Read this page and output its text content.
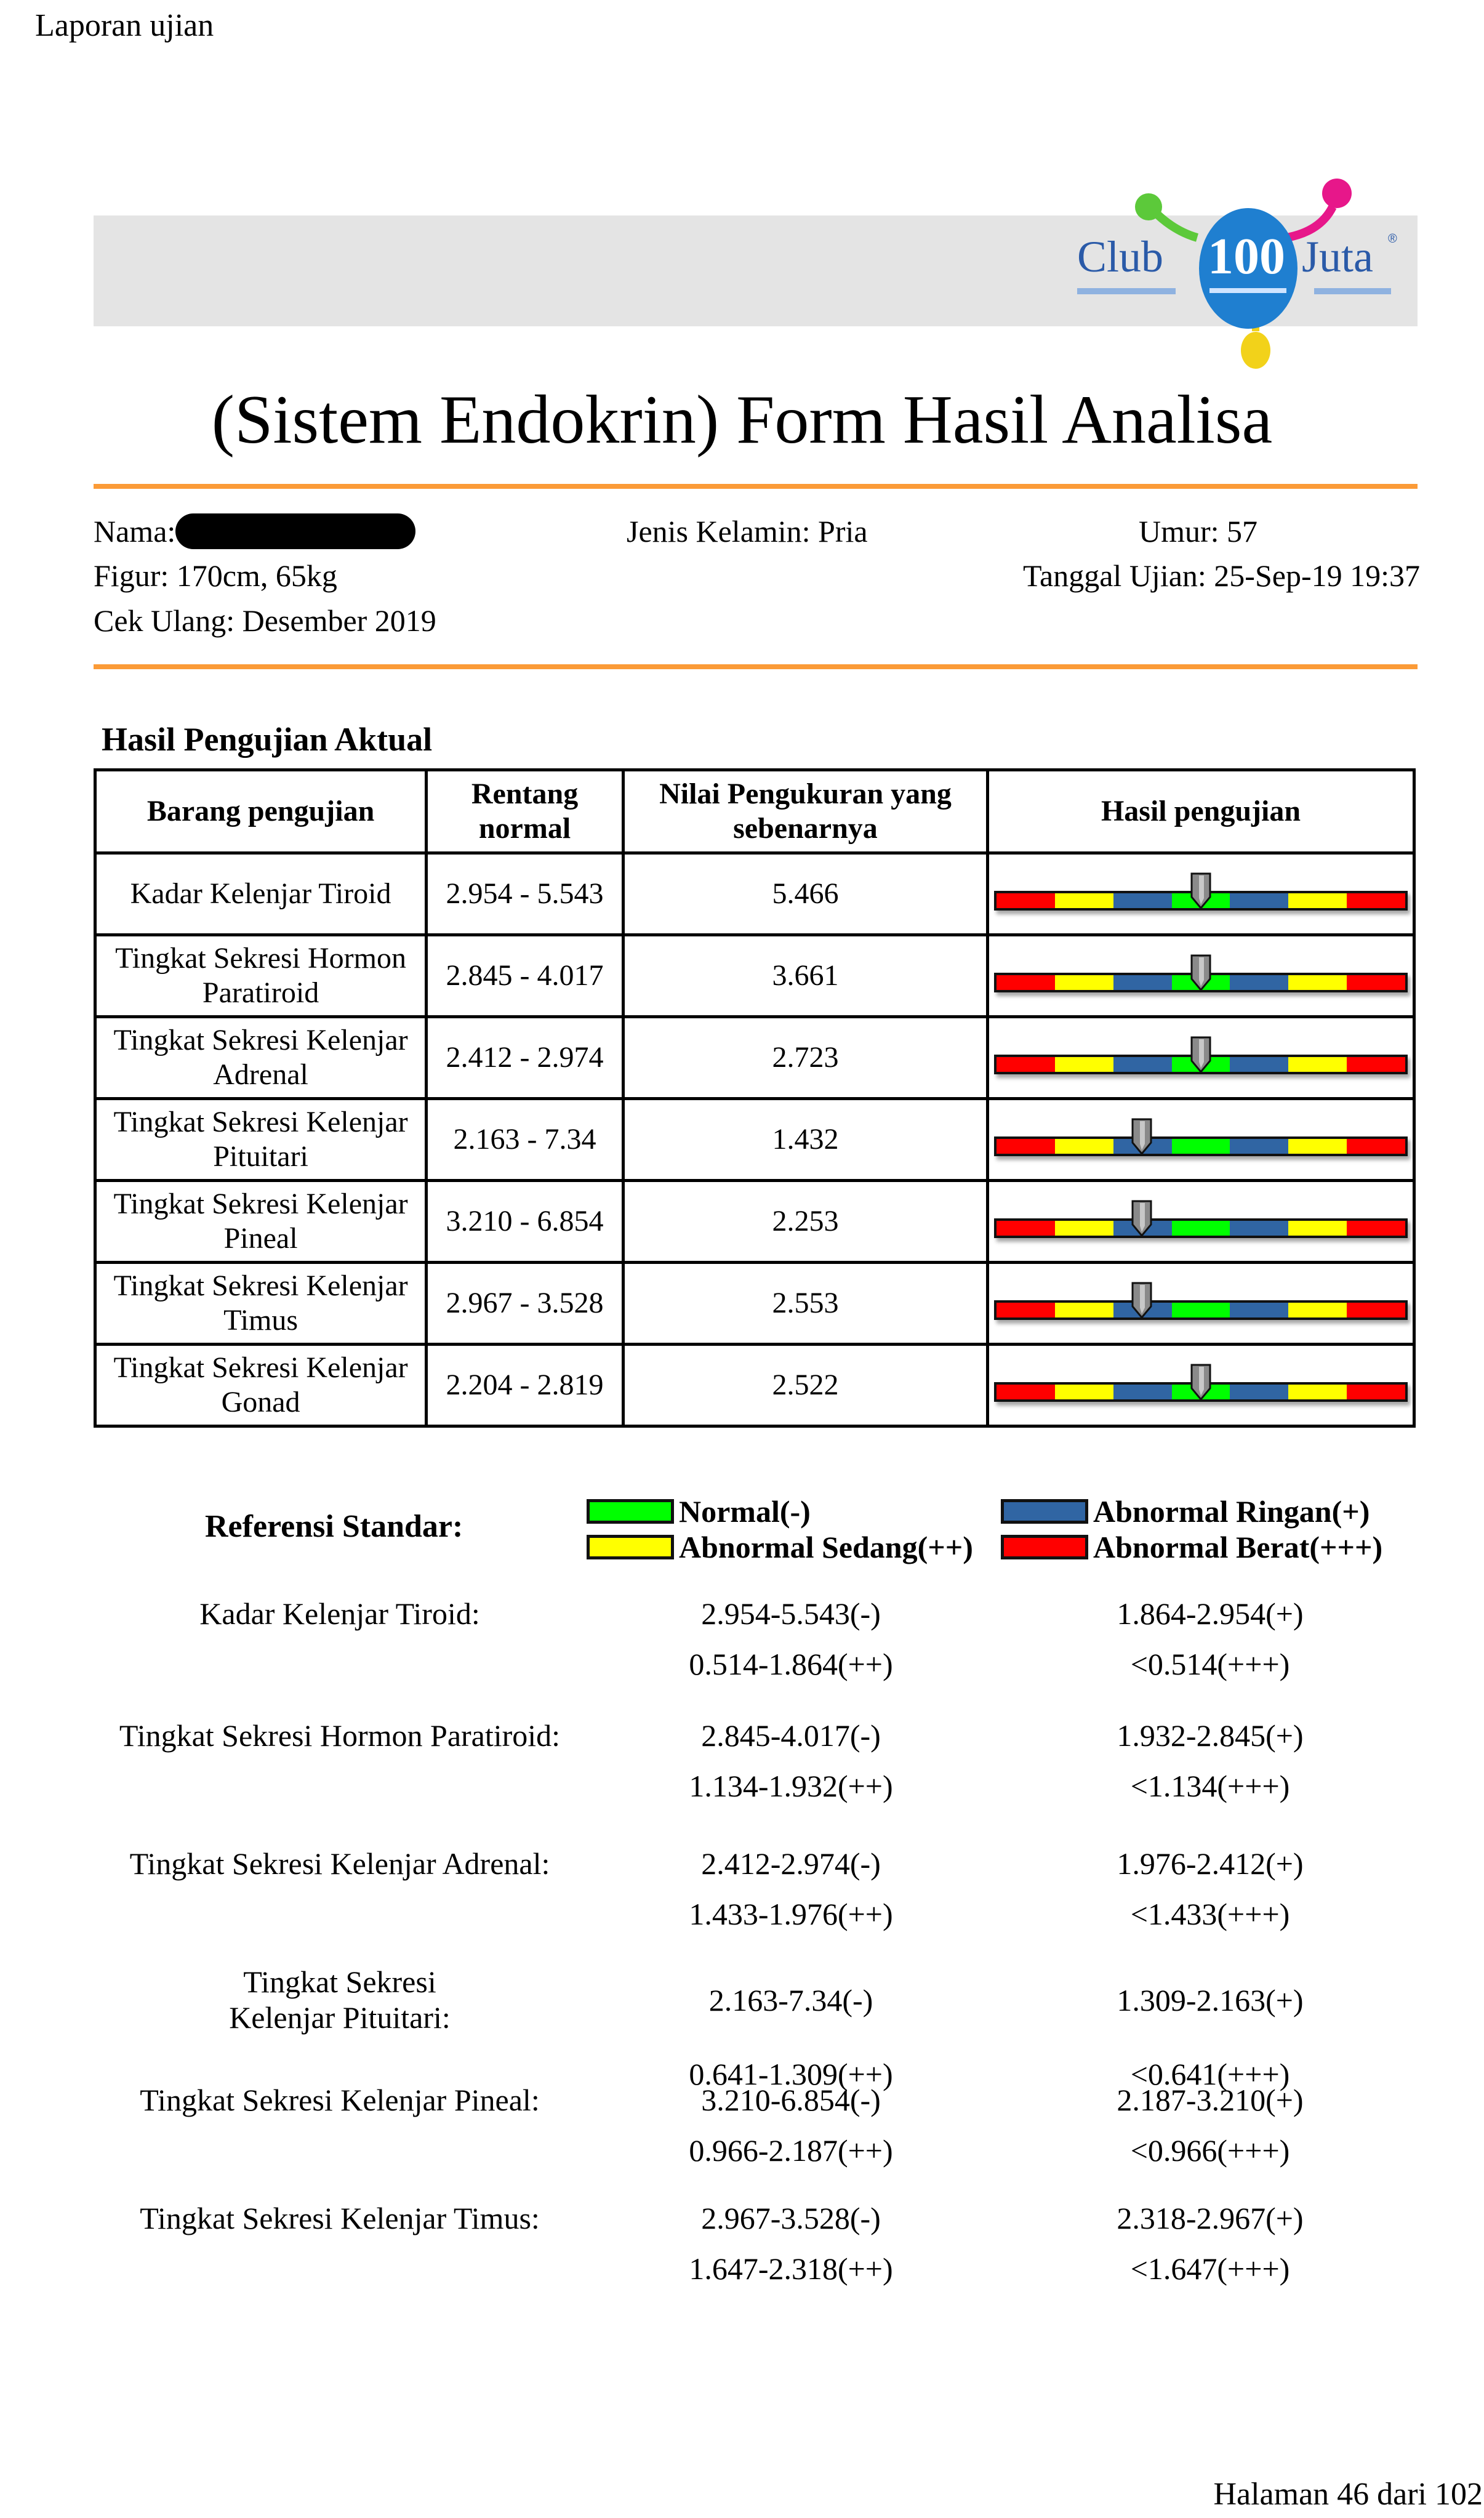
Laporan ujian
Club 100 Juta ®
(Sistem Endokrin) Form Hasil Analisa
Nama:	Jenis Kelamin: Pria	Umur: 57
Figur: 170cm, 65kg	Tanggal Ujian: 25-Sep-19 19:37
Cek Ulang: Desember 2019
Hasil Pengujian Aktual
Barang pengujian	Rentang normal	Nilai Pengukuran yang sebenarnya	Hasil pengujian
Kadar Kelenjar Tiroid	2.954 - 5.543	5.466	

Tingkat Sekresi Hormon Paratiroid	2.845 - 4.017	3.661	

Tingkat Sekresi Kelenjar Adrenal	2.412 - 2.974	2.723	

Tingkat Sekresi Kelenjar Pituitari	2.163 - 7.34	1.432	

Tingkat Sekresi Kelenjar Pineal	3.210 - 6.854	2.253	

Tingkat Sekresi Kelenjar Timus	2.967 - 3.528	2.553	

Tingkat Sekresi Kelenjar Gonad	2.204 - 2.819	2.522	
Referensi Standar:	Normal(-)	Abnormal Ringan(+)
Abnormal Sedang(++)	Abnormal Berat(+++)
Kadar Kelenjar Tiroid:	2.954-5.543(-)	1.864-2.954(+)
0.514-1.864(++)	<0.514(+++)
Tingkat Sekresi Hormon Paratiroid:	2.845-4.017(-)	1.932-2.845(+)
1.134-1.932(++)	<1.134(+++)
Tingkat Sekresi Kelenjar Adrenal:	2.412-2.974(-)	1.976-2.412(+)
1.433-1.976(++)	<1.433(+++)
Tingkat Sekresi Kelenjar Pituitari:	2.163-7.34(-)	1.309-2.163(+)
0.641-1.309(++)	<0.641(+++)
Tingkat Sekresi Kelenjar Pineal:	3.210-6.854(-)	2.187-3.210(+)
0.966-2.187(++)	<0.966(+++)
Tingkat Sekresi Kelenjar Timus:	2.967-3.528(-)	2.318-2.967(+)
1.647-2.318(++)	<1.647(+++)
Halaman 46 dari 102
